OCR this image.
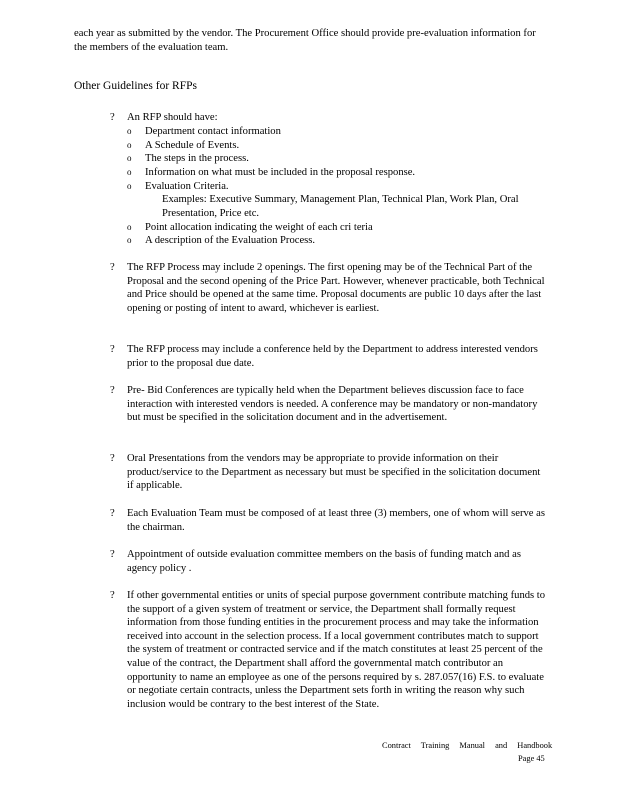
each year as submitted by the vendor. The Procurement Office should provide pre-evaluation information for the members of the evaluation team.
Other Guidelines for RFPs
?	An RFP should have:
o	Department contact information
o	A Schedule of Events.
o	The steps in the process.
o	Information on what must be included in the proposal response.
o	Evaluation Criteria.
Examples: Executive Summary, Management Plan, Technical Plan, Work Plan, Oral Presentation, Price etc.
o	Point allocation indicating the weight of each cri teria
o	A description of the Evaluation Process.
?	The RFP Process may include 2 openings. The first opening may be of the Technical Part of the Proposal and the second opening of the Price Part. However, whenever practicable, both Technical and Price should be opened at the same time. Proposal documents are public 10 days after the last opening or posting of intent to award, whichever is earliest.
?	The RFP process may include a conference held by the Department to address interested vendors prior to the proposal due date.
?	Pre- Bid Conferences are typically held when the Department believes discussion face to face interaction with interested vendors is needed. A conference may be mandatory or non-mandatory but must be specified in the solicitation document and in the advertisement.
?	Oral Presentations from the vendors may be appropriate to provide information on their product/service to the Department as necessary but must be specified in the solicitation document if applicable.
?	Each Evaluation Team must be composed of at least three (3) members, one of whom will serve as the chairman.
?	Appointment of outside evaluation committee members on the basis of funding match and as agency policy .
?	If other governmental entities or units of special purpose government contribute matching funds to the support of a given system of treatment or service, the Department shall formally request information from those funding entities in the procurement process and may take the information received into account in the selection process. If a local government contributes match to support the system of treatment or contracted service and if the match constitutes at least 25 percent of the value of the contract, the Department shall afford the governmental match contributor an opportunity to name an employee as one of the persons required by s. 287.057(16) F.S. to evaluate or negotiate certain contracts, unless the Department sets forth in writing the reason why such inclusion would be contrary to the best interest of the State.
Contract Training Manual and Handbook
Page 45
